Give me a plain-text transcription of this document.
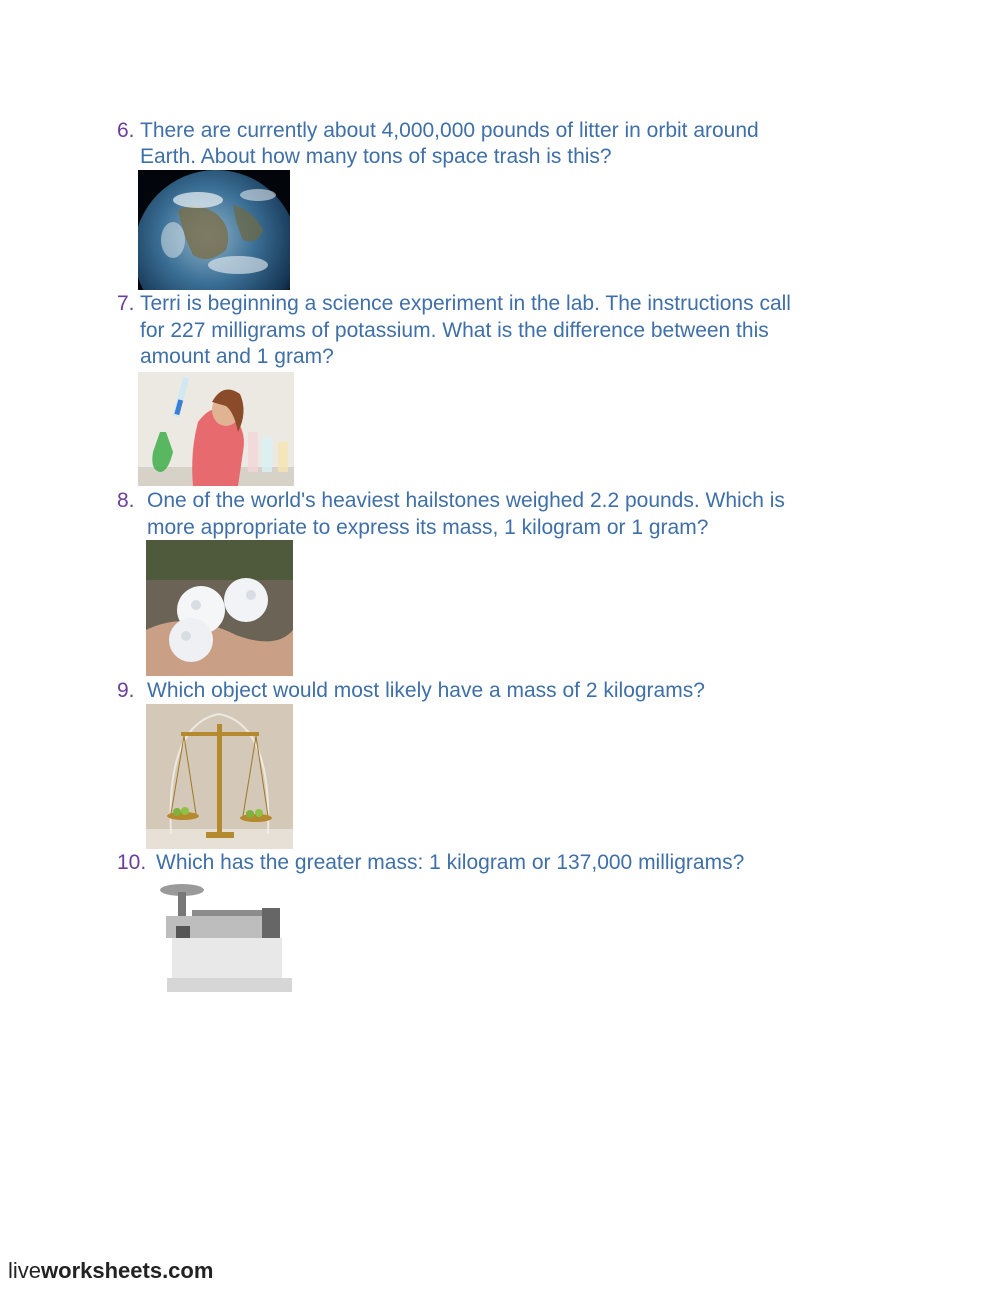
6. There are currently about 4,000,000 pounds of litter in orbit around
Earth. About how many tons of space trash is this?
7. Terri is beginning a science experiment in the lab. The instructions call
for 227 milligrams of potassium. What is the difference between this
amount and 1 gram?
8. One of the world's heaviest hailstones weighed 2.2 pounds. Which is
more appropriate to express its mass, 1 kilogram or 1 gram?
9. Which object would most likely have a mass of 2 kilograms?
10. Which has the greater mass: 1 kilogram or 137,000 milligrams?
liveworksheets.com
